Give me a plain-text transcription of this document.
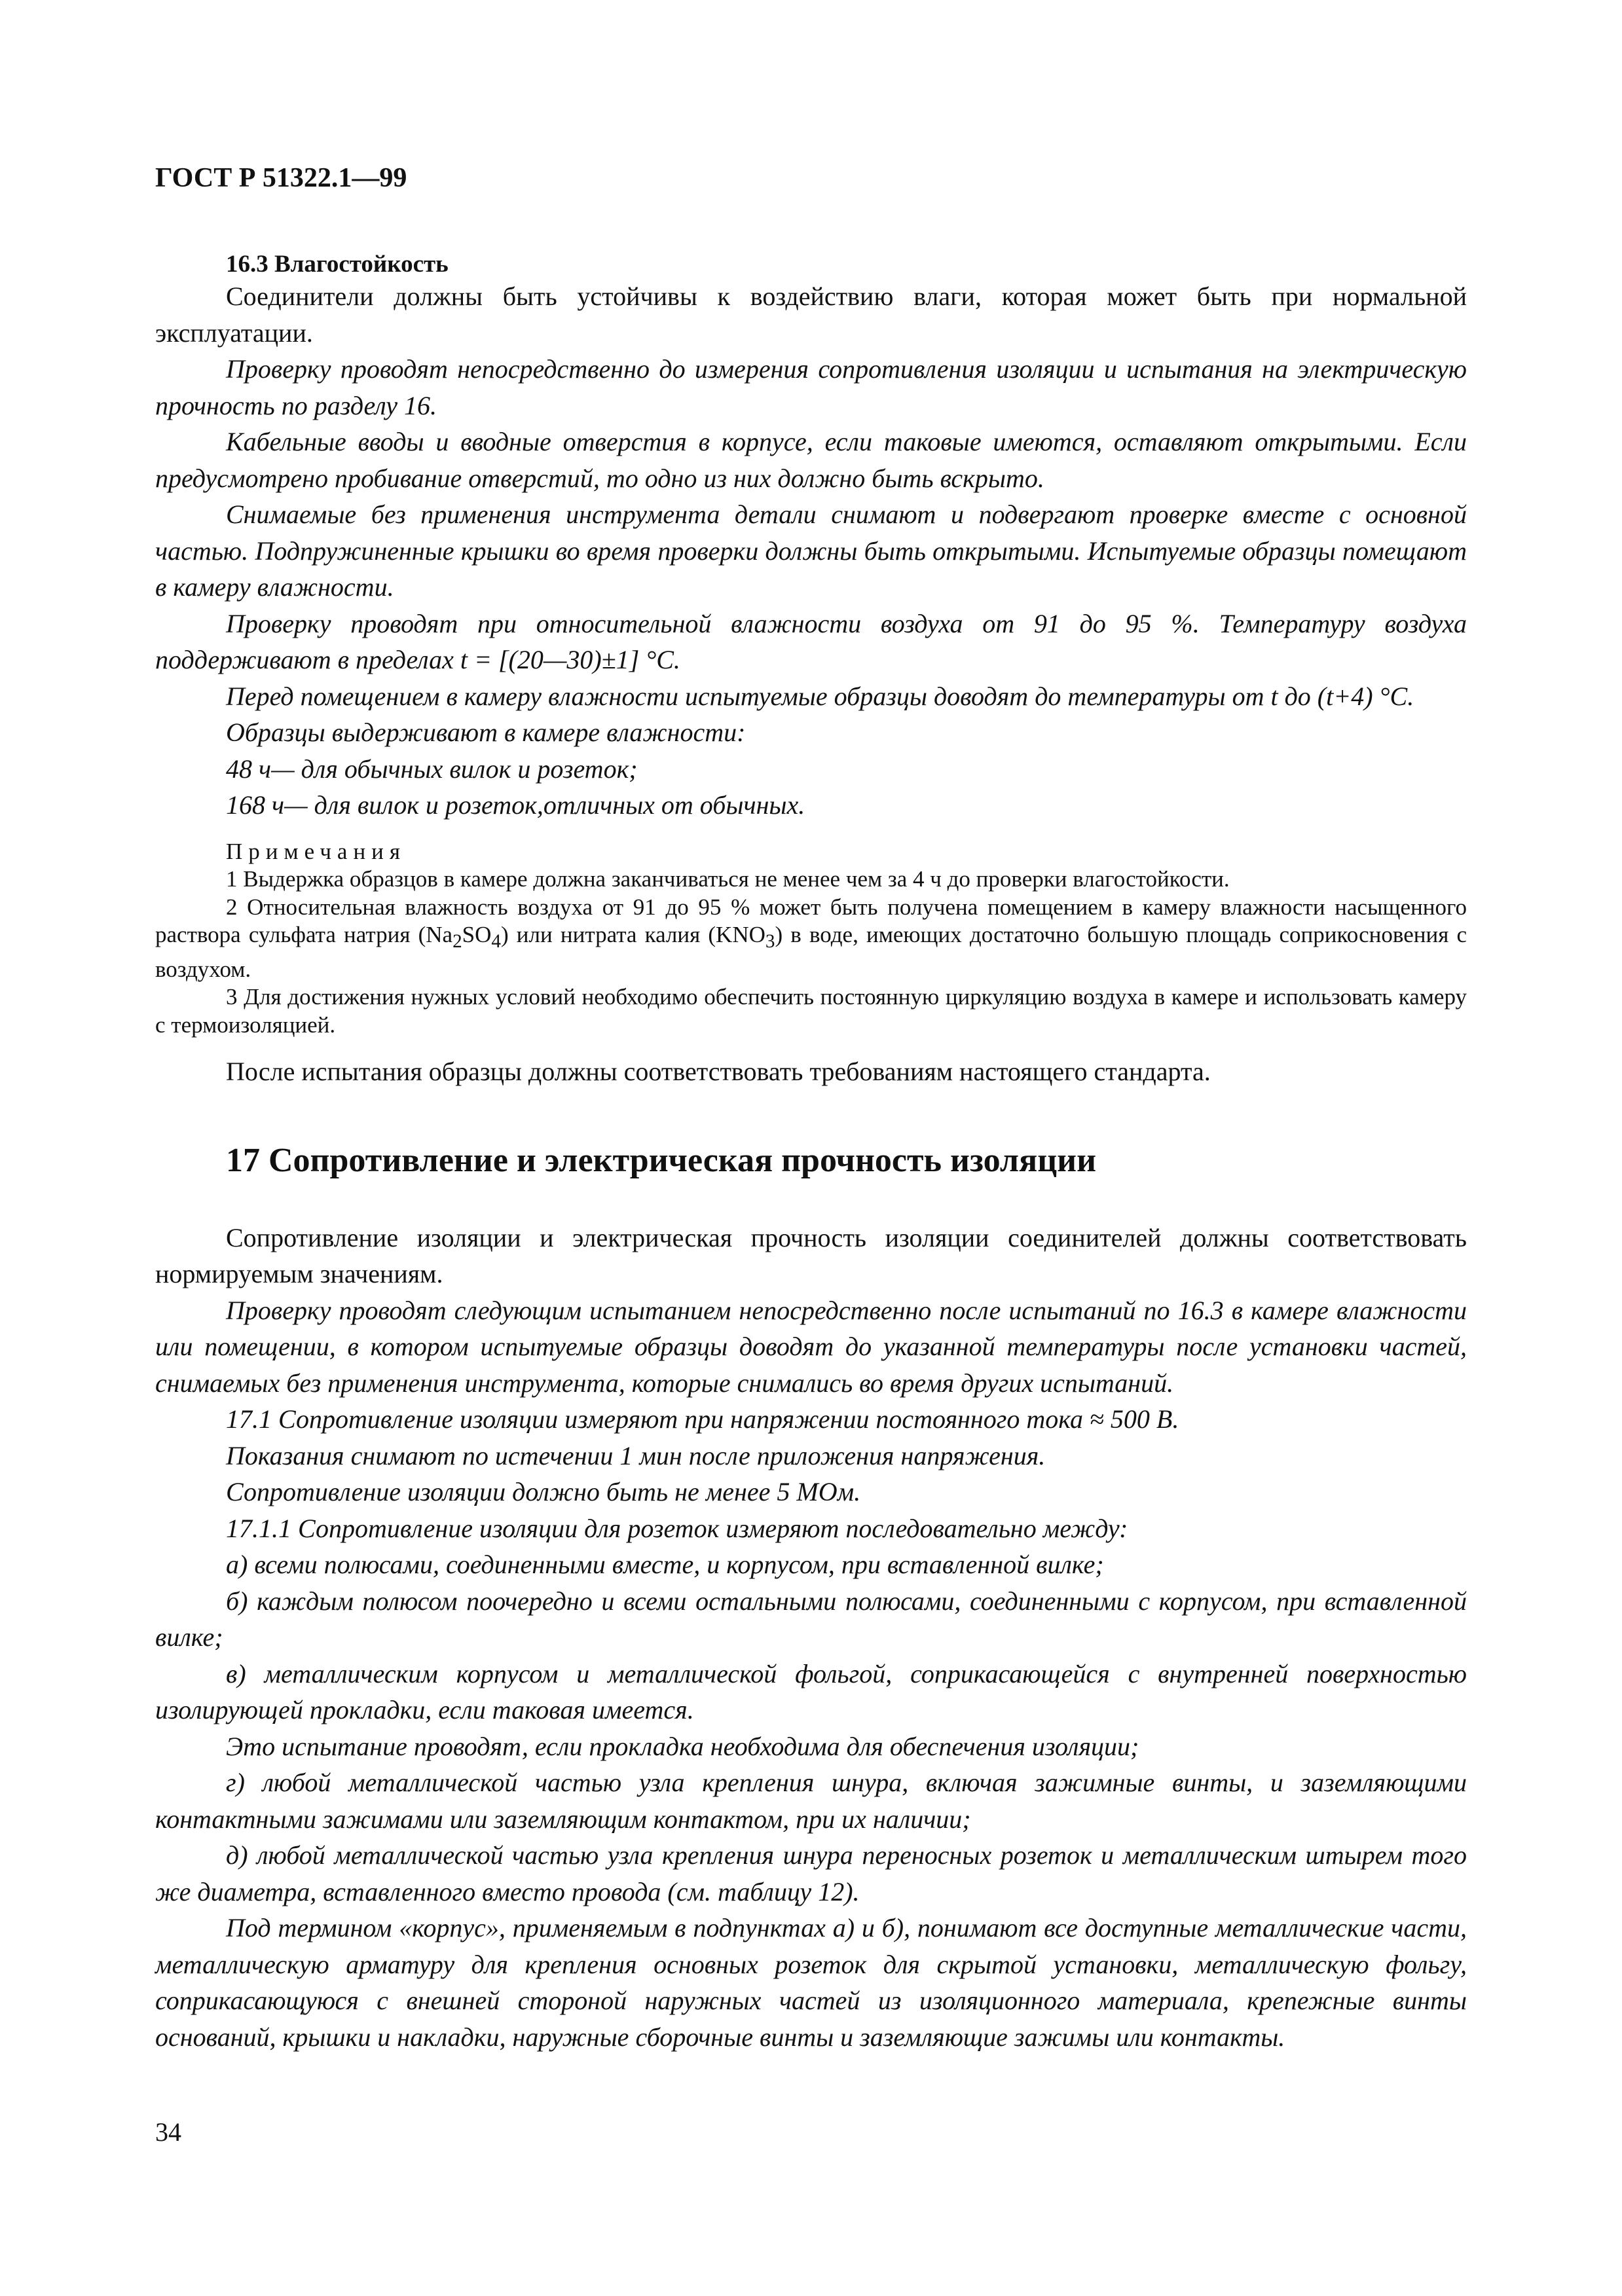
ГОСТ Р 51322.1—99
16.3 Влагостойкость

Соединители должны быть устойчивы к воздействию влаги, которая может быть при нормальной эксплуатации.

Проверку проводят непосредственно до измерения сопротивления изоляции и испытания на электрическую прочность по разделу 16.

Кабельные вводы и вводные отверстия в корпусе, если таковые имеются, оставляют открытыми. Если предусмотрено пробивание отверстий, то одно из них должно быть вскрыто.

Снимаемые без применения инструмента детали снимают и подвергают проверке вместе с основной частью. Подпружиненные крышки во время проверки должны быть открытыми. Испытуемые образцы помещают в камеру влажности.

Проверку проводят при относительной влажности воздуха от 91 до 95 %. Температуру воздуха поддерживают в пределах t = [(20—30)±1] °С.

Перед помещением в камеру влажности испытуемые образцы доводят до температуры от t до (t+4) °С.

Образцы выдерживают в камере влажности:

48 ч— для обычных вилок и розеток;

168 ч— для вилок и розеток,отличных от обычных.

Примечания

1 Выдержка образцов в камере должна заканчиваться не менее чем за 4 ч до проверки влагостойкости.

2 Относительная влажность воздуха от 91 до 95 % может быть получена помещением в камеру влажности насыщенного раствора сульфата натрия $(Na_2SO_4)$ или нитрата калия $(KNO_3)$ в воде, имеющих достаточно большую площадь соприкосновения с воздухом.

3 Для достижения нужных условий необходимо обеспечить постоянную циркуляцию воздуха в камере и использовать камеру с термоизоляцией.

После испытания образцы должны соответствовать требованиям настоящего стандарта.

17 Сопротивление и электрическая прочность изоляции

Сопротивление изоляции и электрическая прочность изоляции соединителей должны соответствовать нормируемым значениям.

Проверку проводят следующим испытанием непосредственно после испытаний по 16.3 в камере влажности или помещении, в котором испытуемые образцы доводят до указанной температуры после установки частей, снимаемых без применения инструмента, которые снимались во время других испытаний.

17.1 Сопротивление изоляции измеряют при напряжении постоянного тока ≈ 500 В.

Показания снимают по истечении 1 мин после приложения напряжения.

Сопротивление изоляции должно быть не менее 5 МОм.

17.1.1 Сопротивление изоляции для розеток измеряют последовательно между:

а) всеми полюсами, соединенными вместе, и корпусом, при вставленной вилке;

б) каждым полюсом поочередно и всеми остальными полюсами, соединенными с корпусом, при вставленной вилке;

в) металлическим корпусом и металлической фольгой, соприкасающейся с внутренней поверхностью изолирующей прокладки, если таковая имеется.

Это испытание проводят, если прокладка необходима для обеспечения изоляции;

г) любой металлической частью узла крепления шнура, включая зажимные винты, и заземляющими контактными зажимами или заземляющим контактом, при их наличии;

д) любой металлической частью узла крепления шнура переносных розеток и металлическим штырем того же диаметра, вставленного вместо провода (см. таблицу 12).

Под термином «корпус», применяемым в подпунктах а) и б), понимают все доступные металлические части, металлическую арматуру для крепления основных розеток для скрытой установки, металлическую фольгу, соприкасающуюся с внешней стороной наружных частей из изоляционного материала, крепежные винты оснований, крышки и накладки, наружные сборочные винты и заземляющие зажимы или контакты.

34
